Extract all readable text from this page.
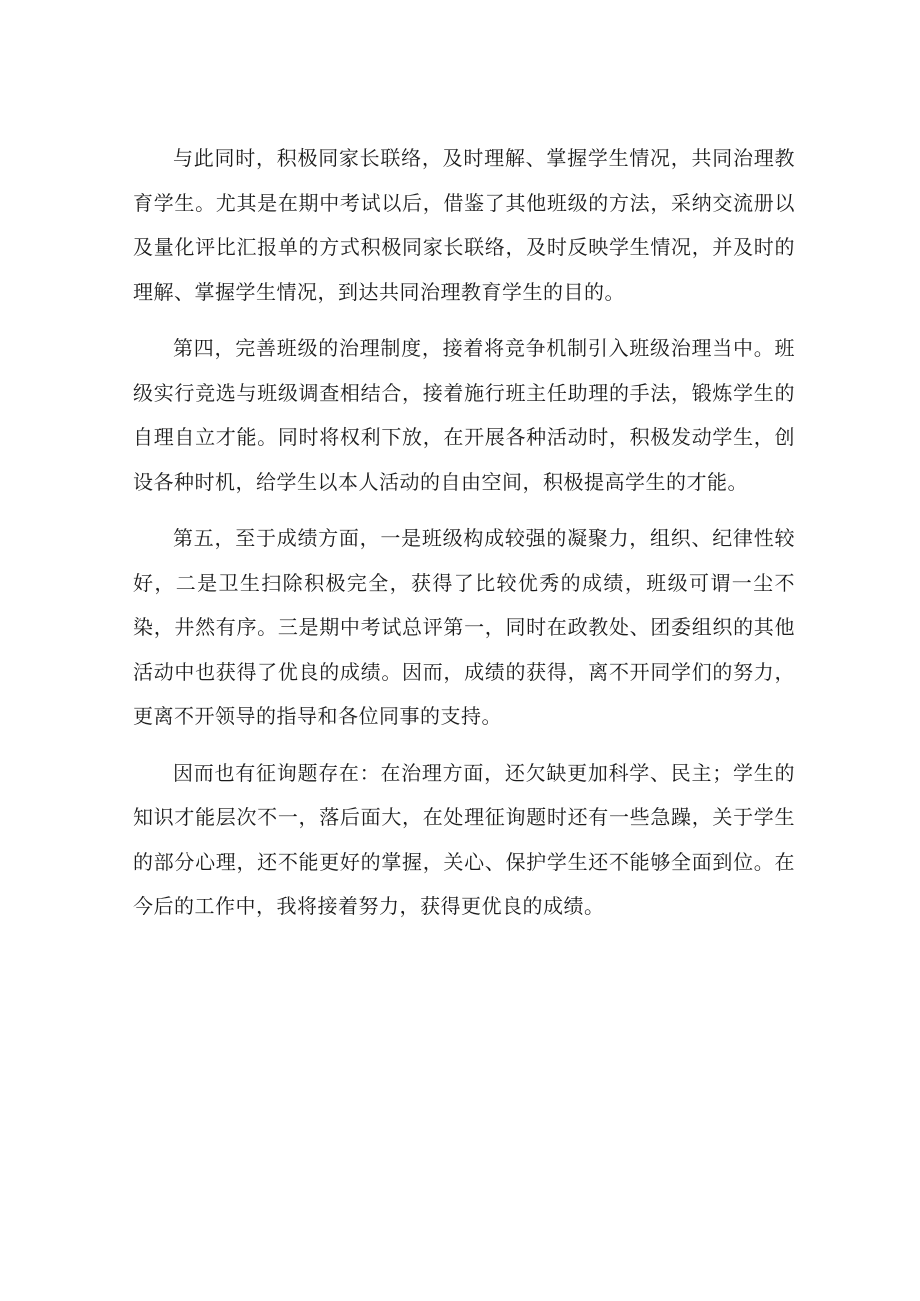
与此同时，积极同家长联络，及时理解、掌握学生情况，共同治理教育学生。尤其是在期中考试以后，借鉴了其他班级的方法，采纳交流册以及量化评比汇报单的方式积极同家长联络，及时反映学生情况，并及时的理解、掌握学生情况，到达共同治理教育学生的目的。

第四，完善班级的治理制度，接着将竞争机制引入班级治理当中。班级实行竞选与班级调查相结合，接着施行班主任助理的手法，锻炼学生的自理自立才能。同时将权利下放，在开展各种活动时，积极发动学生，创设各种时机，给学生以本人活动的自由空间，积极提高学生的才能。

第五，至于成绩方面，一是班级构成较强的凝聚力，组织、纪律性较好，二是卫生扫除积极完全，获得了比较优秀的成绩，班级可谓一尘不染，井然有序。三是期中考试总评第一，同时在政教处、团委组织的其他活动中也获得了优良的成绩。因而，成绩的获得，离不开同学们的努力，更离不开领导的指导和各位同事的支持。

因而也有征询题存在：在治理方面，还欠缺更加科学、民主；学生的知识才能层次不一，落后面大，在处理征询题时还有一些急躁，关于学生的部分心理，还不能更好的掌握，关心、保护学生还不能够全面到位。在今后的工作中，我将接着努力，获得更优良的成绩。
